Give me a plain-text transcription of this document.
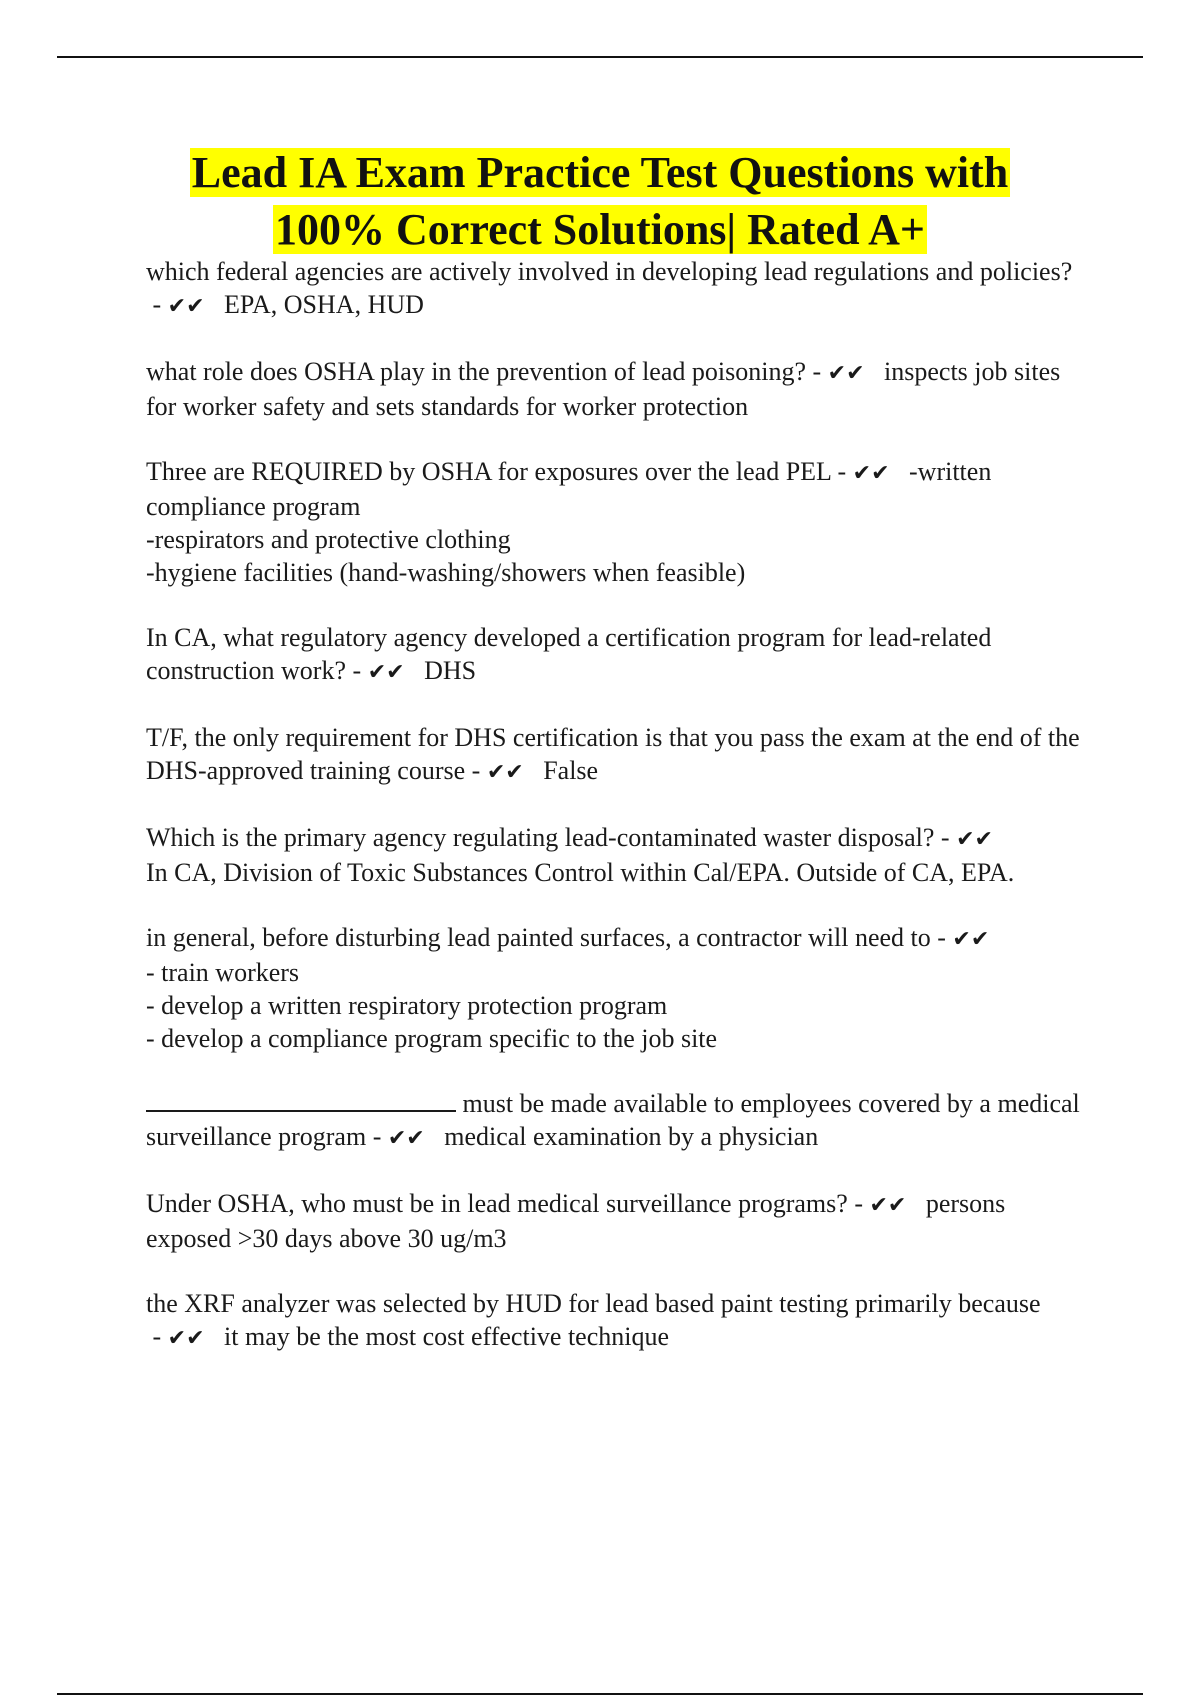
Lead IA Exam Practice Test Questions with
100% Correct Solutions| Rated A+

which federal agencies are actively involved in developing lead regulations and policies? - ✔✔ EPA, OSHA, HUD

what role does OSHA play in the prevention of lead poisoning? - ✔✔ inspects job sites for worker safety and sets standards for worker protection

Three are REQUIRED by OSHA for exposures over the lead PEL - ✔✔ -written compliance program
-respirators and protective clothing
-hygiene facilities (hand-washing/showers when feasible)

In CA, what regulatory agency developed a certification program for lead-related construction work? - ✔✔ DHS

T/F, the only requirement for DHS certification is that you pass the exam at the end of the DHS-approved training course - ✔✔ False

Which is the primary agency regulating lead-contaminated waster disposal? - ✔✔
In CA, Division of Toxic Substances Control within Cal/EPA. Outside of CA, EPA.

in general, before disturbing lead painted surfaces, a contractor will need to - ✔✔
- train workers
- develop a written respiratory protection program
- develop a compliance program specific to the job site

must be made available to employees covered by a medical surveillance program - ✔✔ medical examination by a physician

Under OSHA, who must be in lead medical surveillance programs? - ✔✔ persons exposed >30 days above 30 ug/m3

the XRF analyzer was selected by HUD for lead based paint testing primarily because - ✔✔ it may be the most cost effective technique
